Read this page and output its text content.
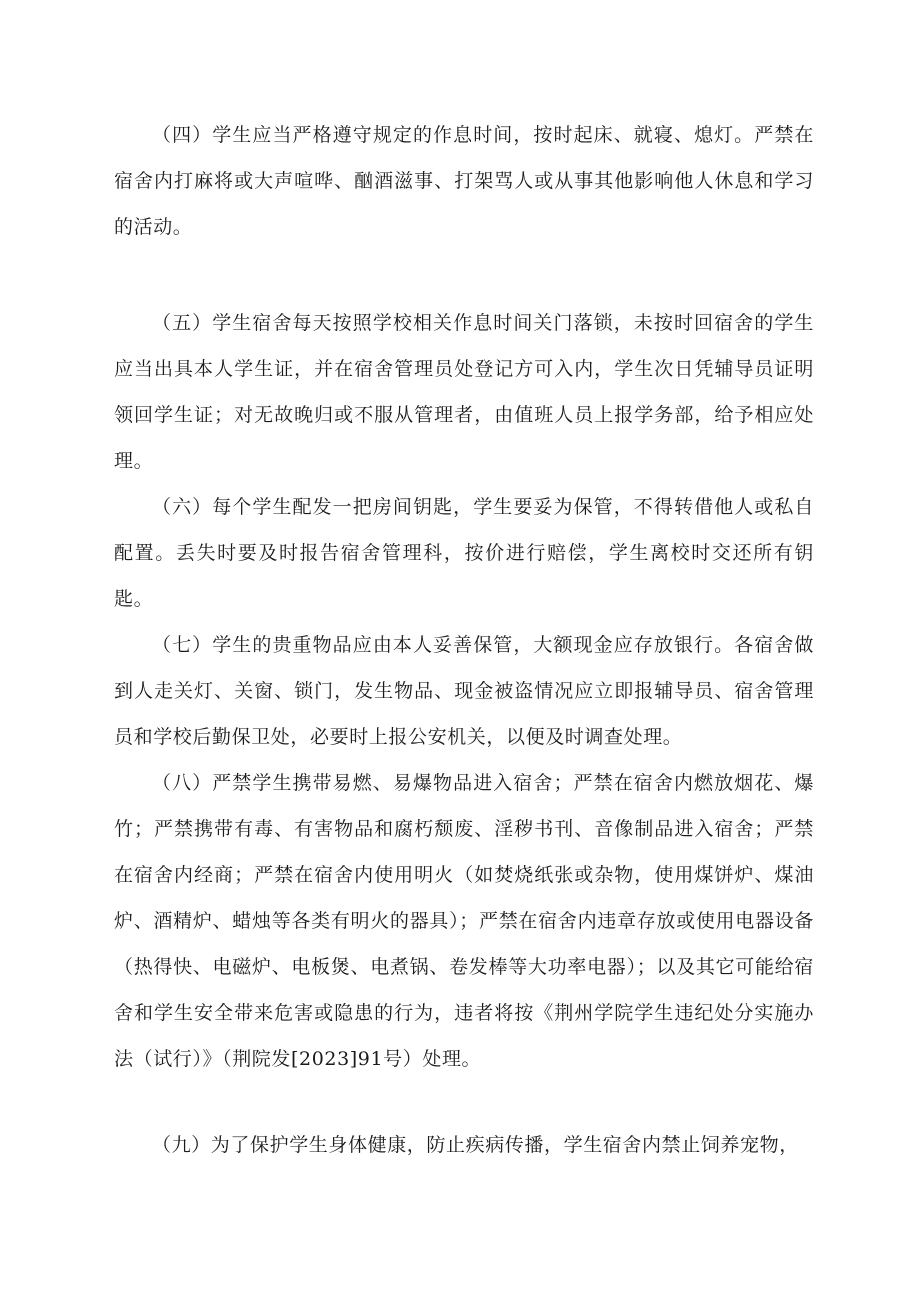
（四）学生应当严格遵守规定的作息时间，按时起床、就寝、熄灯。严禁在宿舍内打麻将或大声喧哗、酗酒滋事、打架骂人或从事其他影响他人休息和学习的活动。

（五）学生宿舍每天按照学校相关作息时间关门落锁，未按时回宿舍的学生应当出具本人学生证，并在宿舍管理员处登记方可入内，学生次日凭辅导员证明领回学生证；对无故晚归或不服从管理者，由值班人员上报学务部，给予相应处理。

（六）每个学生配发一把房间钥匙，学生要妥为保管，不得转借他人或私自配置。丢失时要及时报告宿舍管理科，按价进行赔偿，学生离校时交还所有钥匙。

（七）学生的贵重物品应由本人妥善保管，大额现金应存放银行。各宿舍做到人走关灯、关窗、锁门，发生物品、现金被盗情况应立即报辅导员、宿舍管理员和学校后勤保卫处，必要时上报公安机关，以便及时调查处理。

（八）严禁学生携带易燃、易爆物品进入宿舍；严禁在宿舍内燃放烟花、爆竹；严禁携带有毒、有害物品和腐朽颓废、淫秽书刊、音像制品进入宿舍；严禁在宿舍内经商；严禁在宿舍内使用明火（如焚烧纸张或杂物，使用煤饼炉、煤油炉、酒精炉、蜡烛等各类有明火的器具）；严禁在宿舍内违章存放或使用电器设备（热得快、电磁炉、电板煲、电煮锅、卷发棒等大功率电器）；以及其它可能给宿舍和学生安全带来危害或隐患的行为，违者将按《荆州学院学生违纪处分实施办法（试行）》（荆院发[2023]91号）处理。

（九）为了保护学生身体健康，防止疾病传播，学生宿舍内禁止饲养宠物，
